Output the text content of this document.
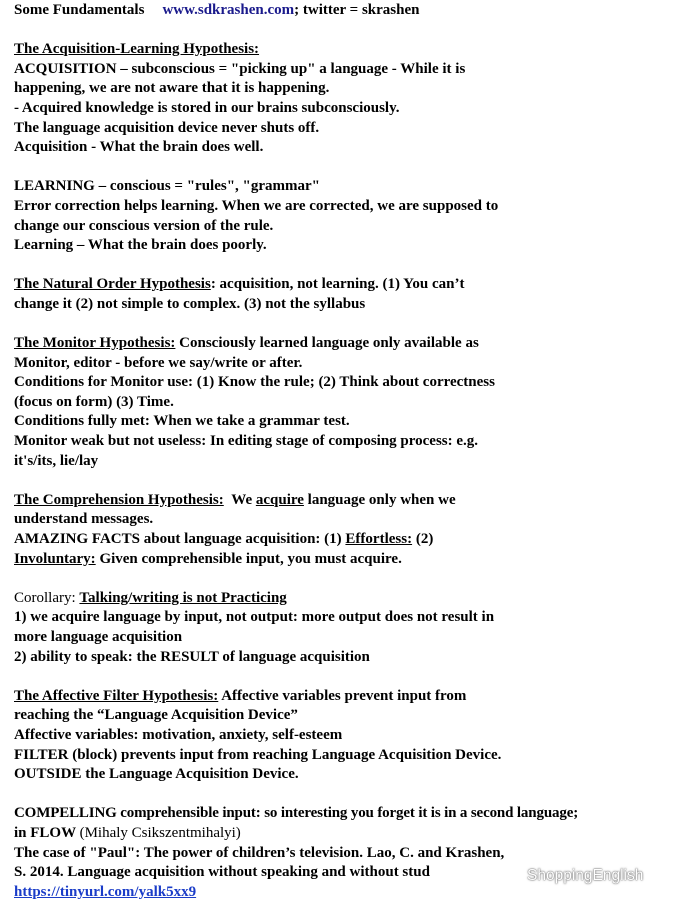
Some Fundamentals www.sdkrashen.com; twitter = skrashen
The Acquisition-Learning Hypothesis:
ACQUISITION – subconscious = "picking up" a language - While it is
happening, we are not aware that it is happening.
- Acquired knowledge is stored in our brains subconsciously.
The language acquisition device never shuts off.
Acquisition - What the brain does well.
LEARNING – conscious = "rules", "grammar"
Error correction helps learning. When we are corrected, we are supposed to
change our conscious version of the rule.
Learning – What the brain does poorly.
The Natural Order Hypothesis: acquisition, not learning. (1) You can’t
change it (2) not simple to complex. (3) not the syllabus
The Monitor Hypothesis: Consciously learned language only available as
Monitor, editor - before we say/write or after.
Conditions for Monitor use: (1) Know the rule; (2) Think about correctness
(focus on form) (3) Time.
Conditions fully met: When we take a grammar test.
Monitor weak but not useless: In editing stage of composing process: e.g.
it's/its, lie/lay
The Comprehension Hypothesis: We acquire language only when we
understand messages.
AMAZING FACTS about language acquisition: (1) Effortless: (2)
Involuntary: Given comprehensible input, you must acquire.
Corollary: Talking/writing is not Practicing
1) we acquire language by input, not output: more output does not result in
more language acquisition
2) ability to speak: the RESULT of language acquisition
The Affective Filter Hypothesis: Affective variables prevent input from
reaching the “Language Acquisition Device”
Affective variables: motivation, anxiety, self-esteem
FILTER (block) prevents input from reaching Language Acquisition Device.
OUTSIDE the Language Acquisition Device.
COMPELLING comprehensible input: so interesting you forget it is in a second language;
in FLOW (Mihaly Csikszentmihalyi)
The case of "Paul": The power of children’s television. Lao, C. and Krashen,
S. 2014. Language acquisition without speaking and without stud
https://tinyurl.com/yalk5xx9
ShoppingEnglish
